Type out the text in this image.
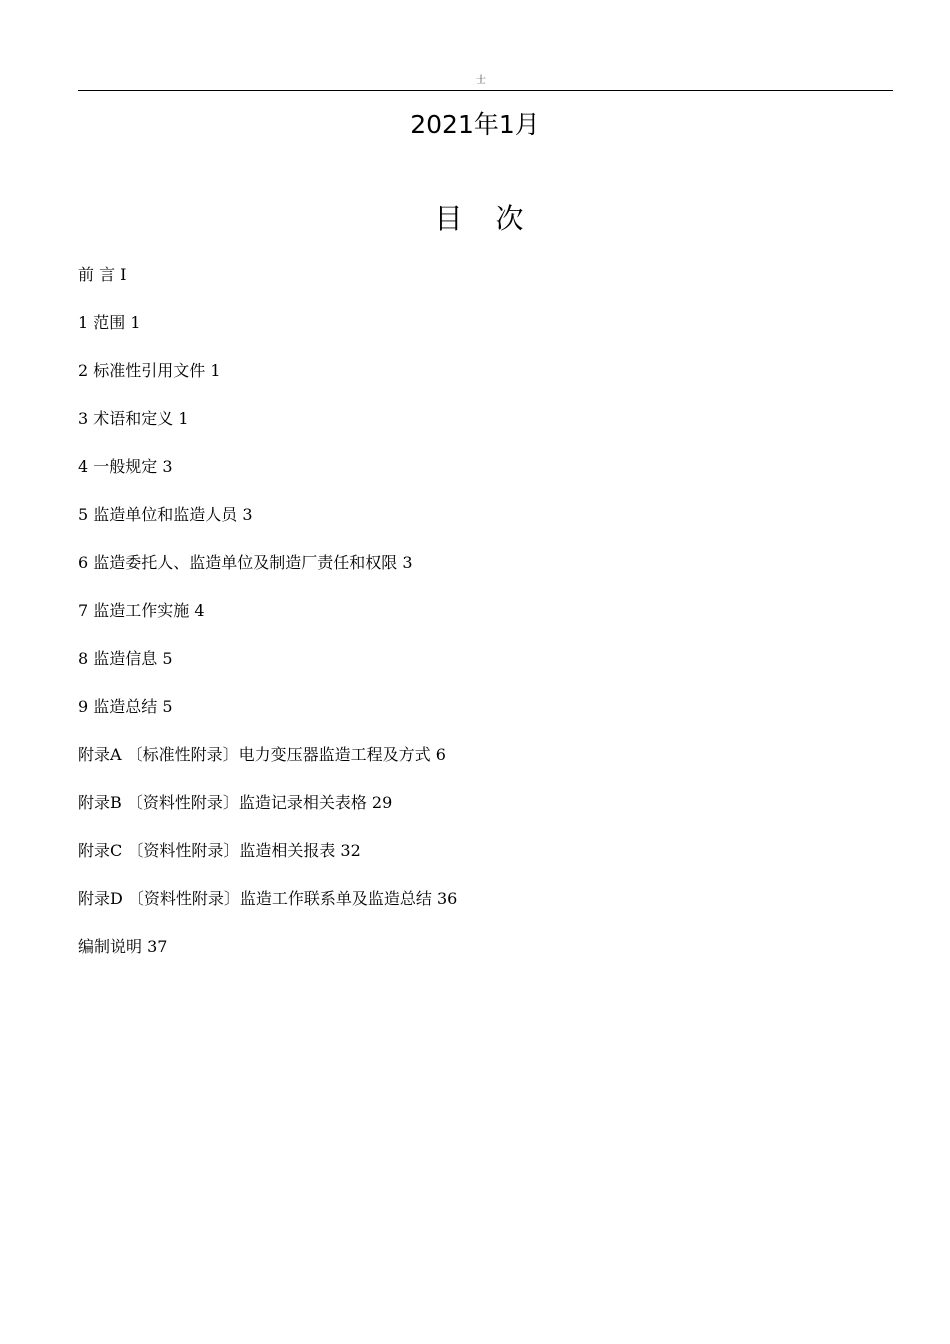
士
2021年1月
目 次
前 言 I
1 范围 1
2 标准性引用文件 1
3 术语和定义 1
4 一般规定 3
5 监造单位和监造人员 3
6 监造委托人、监造单位及制造厂责任和权限 3
7 监造工作实施 4
8 监造信息 5
9 监造总结 5
附录A 〔标准性附录〕电力变压器监造工程及方式 6
附录B 〔资料性附录〕监造记录相关表格 29
附录C 〔资料性附录〕监造相关报表 32
附录D 〔资料性附录〕监造工作联系单及监造总结 36
编制说明 37
